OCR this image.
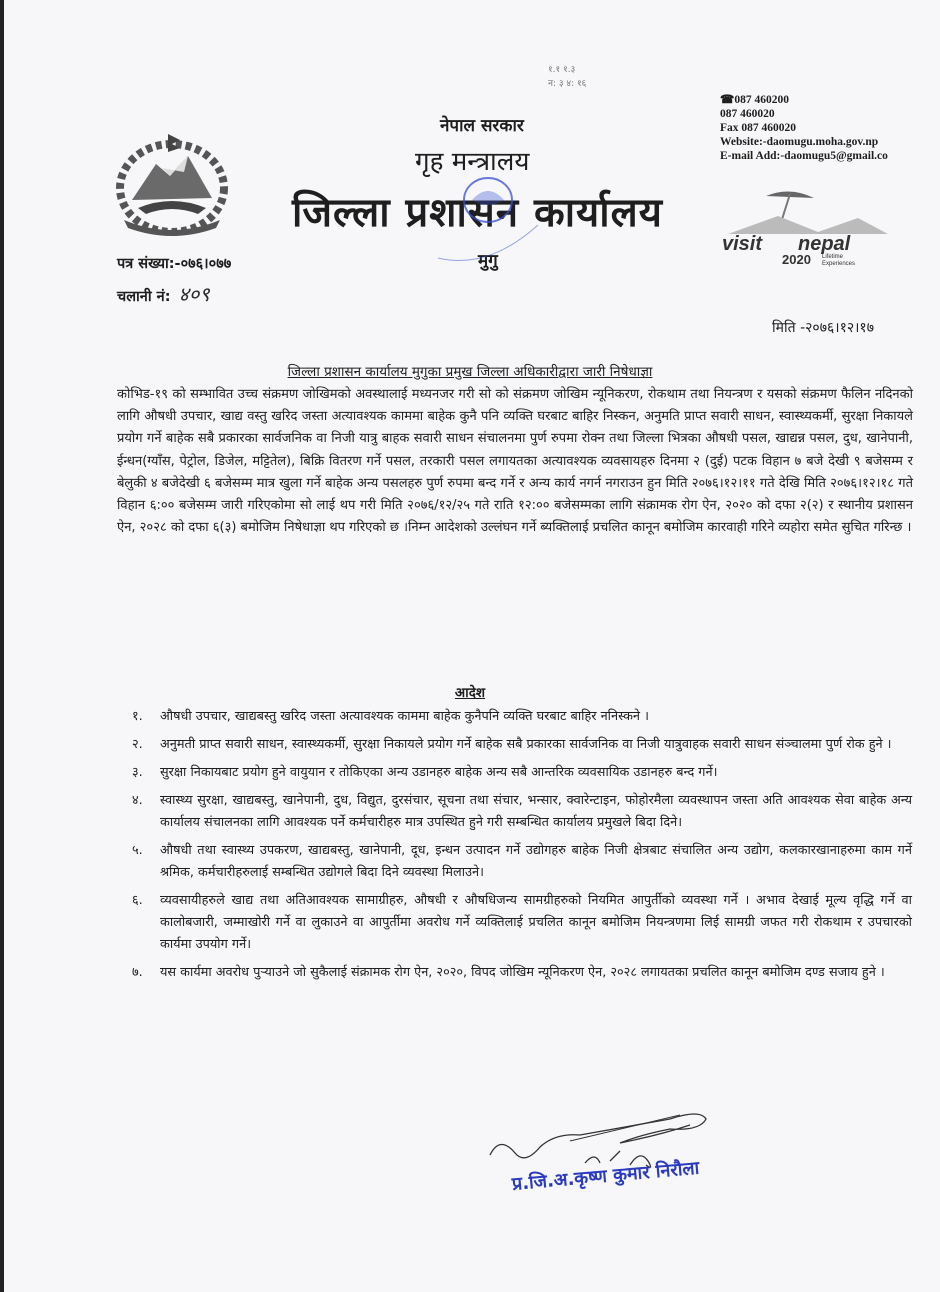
१.१ १.३
न: ३ ४: १६
नेपाल सरकार
गृह मन्त्रालय
जिल्ला प्रशासन कार्यालय
मुगु
☎087 460200
087 460020
Fax 087 460020
Website:-daomugu.moha.gov.np
E-mail Add:-daomugu5@gmail.co
visit nepal
2020 Lifetime
Experiences
पत्र संख्या:-०७६।०७७
चलानी नं: ४०९
मिति -२०७६।१२।१७
जिल्ला प्रशासन कार्यालय मुगुका प्रमुख जिल्ला अधिकारीद्वारा जारी निषेधाज्ञा
कोभिड-१९ को सम्भावित उच्च संक्रमण जोखिमको अवस्थालाई मध्यनजर गरी सो को संक्रमण जोखिम न्यूनिकरण, रोकथाम तथा नियन्त्रण र यसको संक्रमण फैलिन नदिनको लागि औषधी उपचार, खाद्य वस्तु खरिद जस्ता अत्यावश्यक काममा बाहेक कुनै पनि व्यक्ति घरबाट बाहिर निस्कन, अनुमति प्राप्त सवारी साधन, स्वास्थ्यकर्मी, सुरक्षा निकायले प्रयोग गर्ने बाहेक सबै प्रकारका सार्वजनिक वा निजी यात्रु बाहक सवारी साधन संचालनमा पुर्ण रुपमा रोक्न तथा जिल्ला भित्रका औषधी पसल, खाद्यन्न पसल, दुध, खानेपानी, ईन्धन(ग्याँस, पेट्रोल, डिजेल, मट्टितेल), बिक्रि वितरण गर्ने पसल, तरकारी पसल लगायतका अत्यावश्यक व्यवसायहरु दिनमा २ (दुई) पटक विहान ७ बजे देखी ९ बजेसम्म र बेलुकी ४ बजेदेखी ६ बजेसम्म मात्र खुला गर्ने बाहेक अन्य पसलहरु पुर्ण रुपमा बन्द गर्ने र अन्य कार्य नगर्न नगराउन हुन मिति २०७६।१२।११ गते देखि मिति २०७६।१२।१८ गते विहान ६:०० बजेसम्म जारी गरिएकोमा सो लाई थप गरी मिति २०७६/१२/२५ गते राति १२:०० बजेसम्मका लागि संक्रामक रोग ऐन, २०२० को दफा २(२) र स्थानीय प्रशासन ऐन, २०२८ को दफा ६(३) बमोजिम निषेधाज्ञा थप गरिएको छ ।निम्न आदेशको उल्लंघन गर्ने ब्यक्तिलाई प्रचलित कानून बमोजिम कारवाही गरिने व्यहोरा समेत सुचित गरिन्छ ।
आदेश
१.	औषधी उपचार, खाद्यबस्तु खरिद जस्ता अत्यावश्यक काममा बाहेक कुनैपनि व्यक्ति घरबाट बाहिर ननिस्कने ।
२.	अनुमती प्राप्त सवारी साधन, स्वास्थ्यकर्मी, सुरक्षा निकायले प्रयोग गर्ने बाहेक सबै प्रकारका सार्वजनिक वा निजी यात्रुवाहक सवारी साधन संञ्चालमा पुर्ण रोक हुने ।
३.	सुरक्षा निकायबाट प्रयोग हुने वायुयान र तोकिएका अन्य उडानहरु बाहेक अन्य सबै आन्तरिक व्यवसायिक उडानहरु बन्द गर्ने।
४.	स्वास्थ्य सुरक्षा, खाद्यबस्तु, खानेपानी, दुध, विद्युत, दुरसंचार, सूचना तथा संचार, भन्सार, क्वारेन्टाइन, फोहोरमैला व्यवस्थापन जस्ता अति आवश्यक सेवा बाहेक अन्य कार्यालय संचालनका लागि आवश्यक पर्ने कर्मचारीहरु मात्र उपस्थित हुने गरी सम्बन्धित कार्यालय प्रमुखले बिदा दिने।
५.	औषधी तथा स्वास्थ्य उपकरण, खाद्यबस्तु, खानेपानी, दूध, इन्धन उत्पादन गर्ने उद्योगहरु बाहेक निजी क्षेत्रबाट संचालित अन्य उद्योग, कलकारखानाहरुमा काम गर्ने श्रमिक, कर्मचारीहरुलाई सम्बन्धित उद्योगले बिदा दिने व्यवस्था मिलाउने।
६.	व्यवसायीहरुले खाद्य तथा अतिआवश्यक सामाग्रीहरु, औषधी र औषधिजन्य सामग्रीहरुको नियमित आपुर्तीको व्यवस्था गर्ने । अभाव देखाई मूल्य वृद्धि गर्ने वा कालोबजारी, जम्माखोरी गर्ने वा लुकाउने वा आपुर्तीमा अवरोध गर्ने व्यक्तिलाई प्रचलित कानून बमोजिम नियन्त्रणमा लिई सामग्री जफत गरी रोकथाम र उपचारको कार्यमा उपयोग गर्ने।
७.	यस कार्यमा अवरोध पुर्‍याउने जो सुकैलाई संक्रामक रोग ऐन, २०२०, विपद जोखिम न्यूनिकरण ऐन, २०२८ लगायतका प्रचलित कानून बमोजिम दण्ड सजाय हुने ।
प्र.जि.अ.कृष्ण कुमार निरौला
